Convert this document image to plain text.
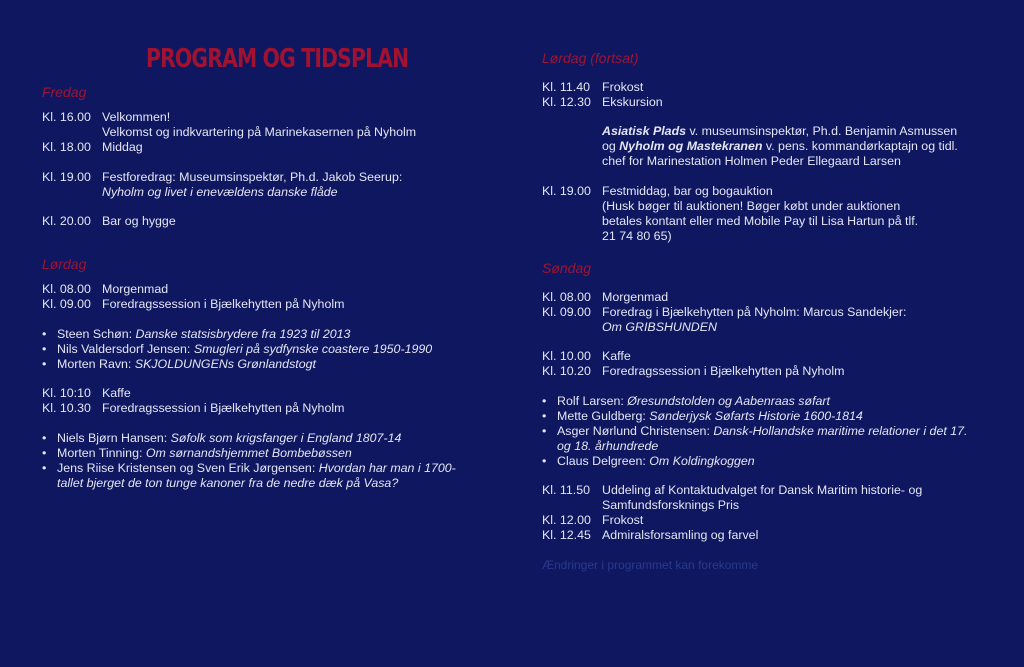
PROGRAM OG TIDSPLAN
Fredag
Kl. 16.00 Velkommen!
Velkomst og indkvartering på Marinekasernen på Nyholm
Kl. 18.00 Middag
Kl. 19.00 Festforedrag: Museumsinspektør, Ph.d. Jakob Seerup:
Nyholm og livet i enevældens danske flåde
Kl. 20.00 Bar og hygge
Lørdag
Kl. 08.00 Morgenmad
Kl. 09.00 Foredragssession i Bjælkehytten på Nyholm
• Steen Schøn: Danske statsisbrydere fra 1923 til 2013
• Nils Valdersdorf Jensen: Smugleri på sydfynske coastere 1950-1990
• Morten Ravn: SKJOLDUNGENs Grønlandstogt
Kl. 10:10 Kaffe
Kl. 10.30 Foredragssession i Bjælkehytten på Nyholm
• Niels Bjørn Hansen: Søfolk som krigsfanger i England 1807-14
• Morten Tinning: Om sørnandshjemmet Bombebøssen
• Jens Riise Kristensen og Sven Erik Jørgensen: Hvordan har man i 1700-tallet bjerget de ton tunge kanoner fra de nedre dæk på Vasa?
Lørdag (fortsat)
Kl. 11.40 Frokost
Kl. 12.30 Ekskursion
Asiatisk Plads v. museumsinspektør, Ph.d. Benjamin Asmussen og Nyholm og Mastekranen v. pens. kommandørkaptajn og tidl. chef for Marinestation Holmen Peder Ellegaard Larsen
Kl. 19.00 Festmiddag, bar og bogauktion
(Husk bøger til auktionen! Bøger købt under auktionen
betales kontant eller med Mobile Pay til Lisa Hartun på tlf.
21 74 80 65)
Søndag
Kl. 08.00 Morgenmad
Kl. 09.00 Foredrag i Bjælkehytten på Nyholm: Marcus Sandekjer:
Om GRIBSHUNDEN
Kl. 10.00 Kaffe
Kl. 10.20 Foredragssession i Bjælkehytten på Nyholm
• Rolf Larsen: Øresundstolden og Aabenraas søfart
• Mette Guldberg: Sønderjysk Søfarts Historie 1600-1814
• Asger Nørlund Christensen: Dansk-Hollandske maritime relationer i det 17. og 18. århundrede
• Claus Delgreen: Om Koldingkoggen
Kl. 11.50 Uddeling af Kontaktudvalget for Dansk Maritim historie- og Samfundsforsknings Pris
Kl. 12.00 Frokost
Kl. 12.45 Admiralsforsamling og farvel
Ændringer i programmet kan forekomme
